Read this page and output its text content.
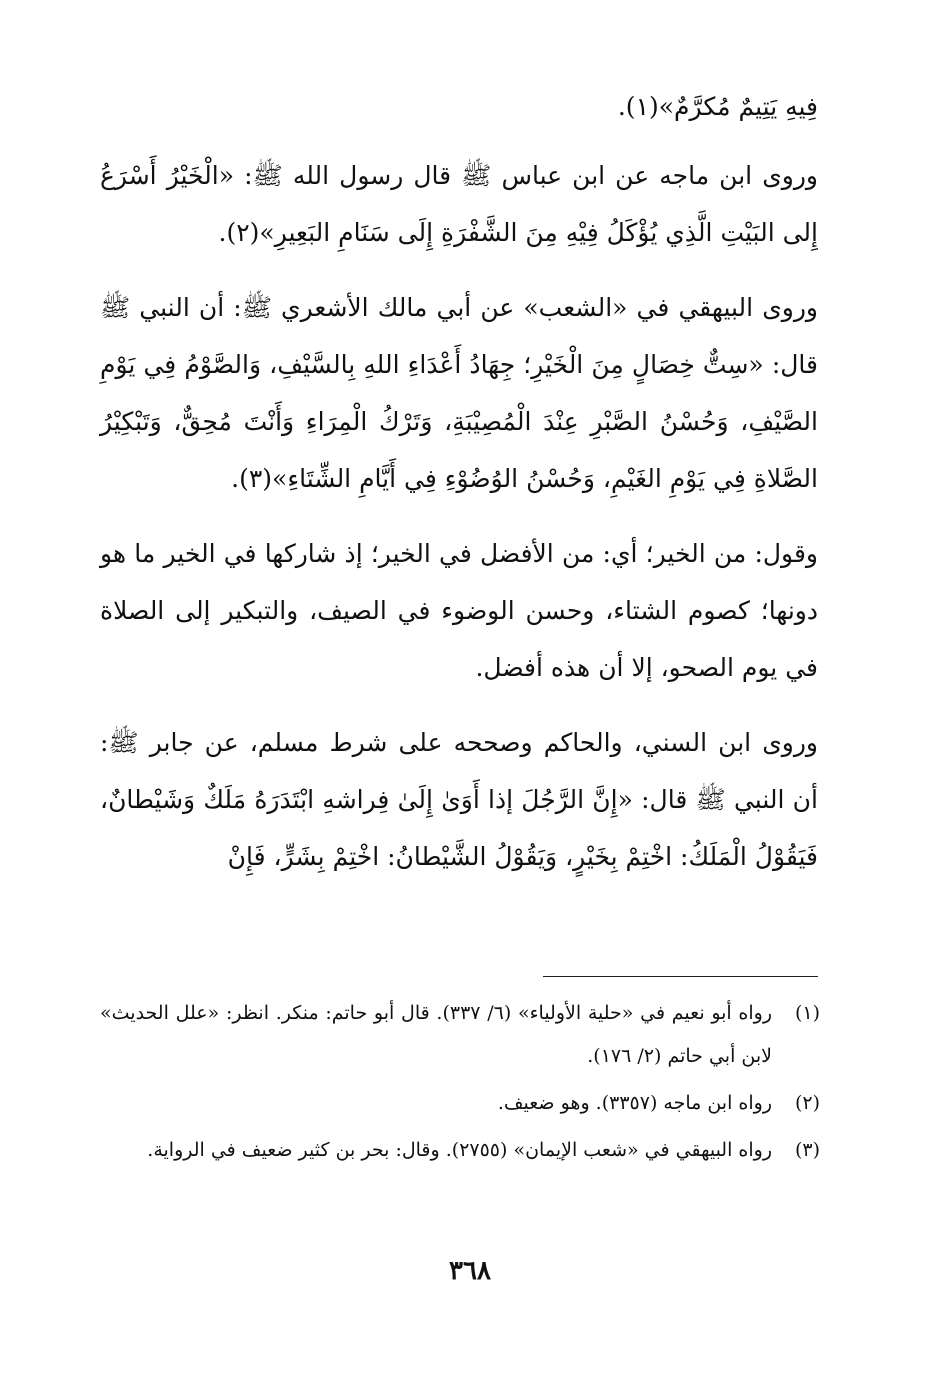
فِيهِ يَتِيمٌ مُكرَّمٌ»(١).

وروى ابن ماجه عن ابن عباس ﷺ قال رسول الله ﷺ: «الْخَيْرُ أَسْرَعُ إِلى البَيْتِ الَّذِي يُؤْكَلُ فِيْهِ مِنَ الشَّفْرَةِ إِلَى سَنَامِ البَعِيرِ»(٢).

وروى البيهقي في «الشعب» عن أبي مالك الأشعري ﷺ: أن النبي ﷺ قال: «سِتٌّ خِصَالٍ مِنَ الْخَيْرِ؛ جِهَادُ أَعْدَاءِ اللهِ بِالسَّيْفِ، وَالصَّوْمُ فِي يَوْمِ الصَّيْفِ، وَحُسْنُ الصَّبْرِ عِنْدَ الْمُصِيْبَةِ، وَتَرْكُ الْمِرَاءِ وَأَنْتَ مُحِقٌّ، وَتَبْكِيْرُ الصَّلاةِ فِي يَوْمِ الغَيْمِ، وَحُسْنُ الوُضُوْءِ فِي أَيَّامِ الشِّتَاءِ»(٣).

وقول: من الخير؛ أي: من الأفضل في الخير؛ إذ شاركها في الخير ما هو دونها؛ كصوم الشتاء، وحسن الوضوء في الصيف، والتبكير إلى الصلاة في يوم الصحو، إلا أن هذه أفضل.

وروى ابن السني، والحاكم وصححه على شرط مسلم، عن جابر ﷺ: أن النبي ﷺ قال: «إِنَّ الرَّجُلَ إذا أَوَىٰ إِلَىٰ فِراشهِ ابْتَدَرَهُ مَلَكٌ وَشَيْطانٌ، فَيَقُوْلُ الْمَلَكُ: اخْتِمْ بِخَيْرٍ، وَيَقُوْلُ الشَّيْطانُ: اخْتِمْ بِشَرٍّ، فَإِنْ

(١)
رواه أبو نعيم في «حلية الأولياء» (٦/ ٣٣٧). قال أبو حاتم: منكر. انظر: «علل الحديث» لابن أبي حاتم (٢/ ١٧٦).
(٢)
رواه ابن ماجه (٣٣٥٧). وهو ضعيف.
(٣)
رواه البيهقي في «شعب الإيمان» (٢٧٥٥). وقال: بحر بن كثير ضعيف في الرواية.
٣٦٨
